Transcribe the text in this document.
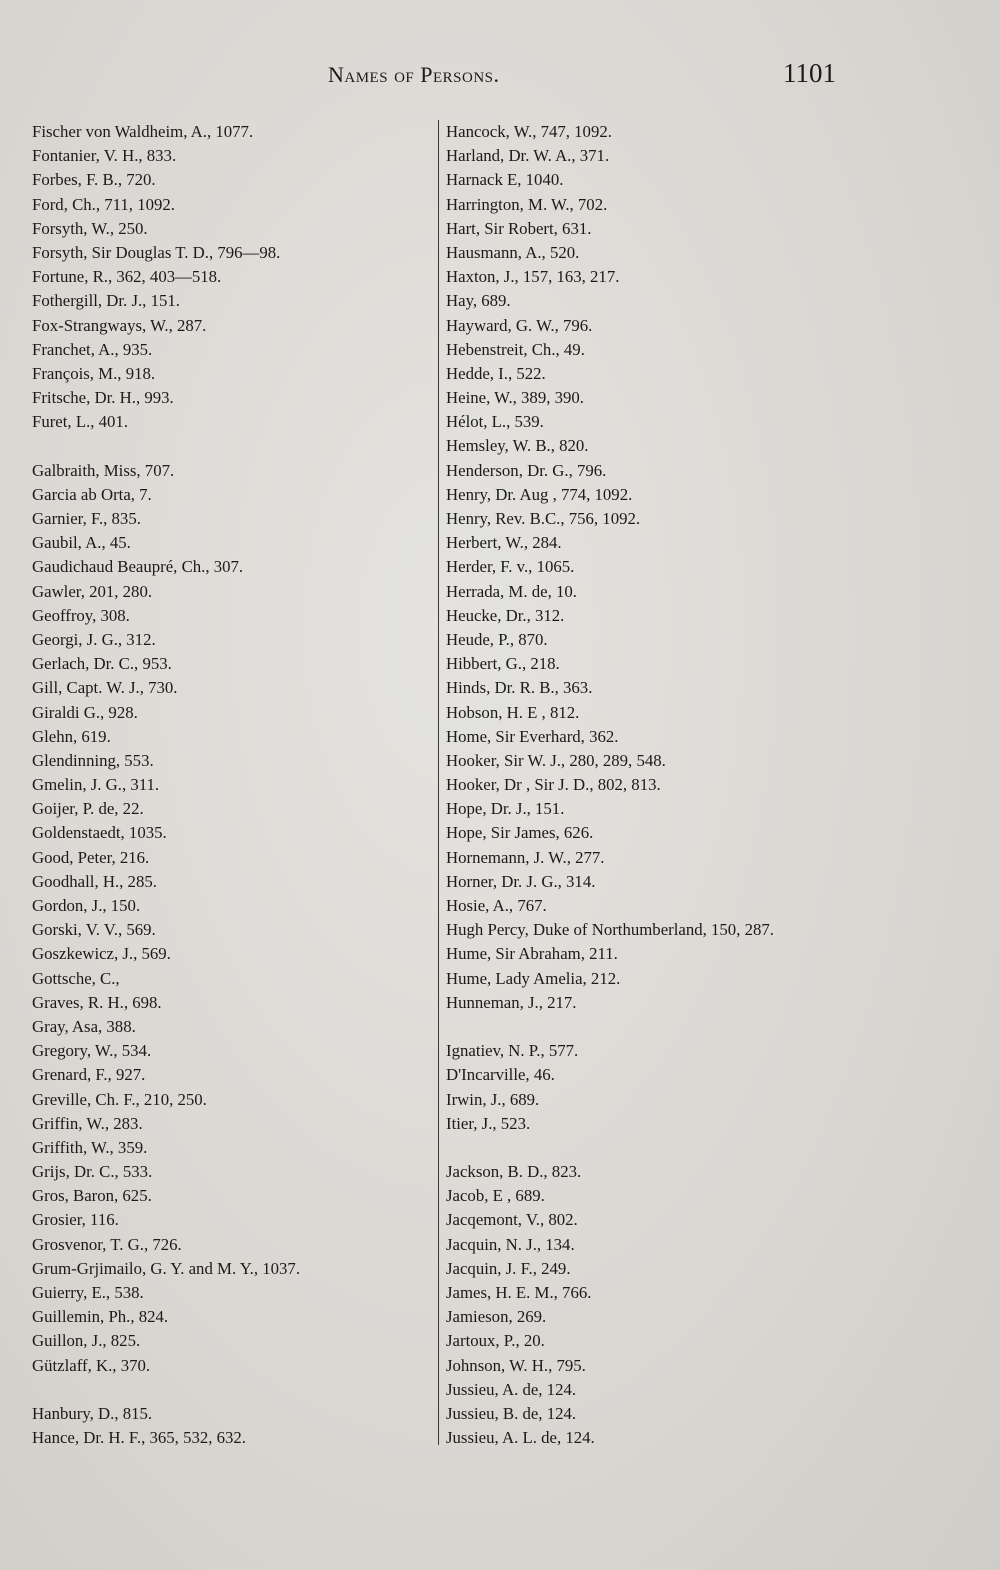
Names of Persons.	1101
Fischer von Waldheim, A., 1077.
Fontanier, V. H., 833.
Forbes, F. B., 720.
Ford, Ch., 711, 1092.
Forsyth, W., 250.
Forsyth, Sir Douglas T. D., 796—98.
Fortune, R., 362, 403—518.
Fothergill, Dr. J., 151.
Fox-Strangways, W., 287.
Franchet, A., 935.
François, M., 918.
Fritsche, Dr. H., 993.
Furet, L., 401.
Galbraith, Miss, 707.
Garcia ab Orta, 7.
Garnier, F., 835.
Gaubil, A., 45.
Gaudichaud Beaupré, Ch., 307.
Gawler, 201, 280.
Geoffroy, 308.
Georgi, J. G., 312.
Gerlach, Dr. C., 953.
Gill, Capt. W. J., 730.
Giraldi G., 928.
Glehn, 619.
Glendinning, 553.
Gmelin, J. G., 311.
Goijer, P. de, 22.
Goldenstaedt, 1035.
Good, Peter, 216.
Goodhall, H., 285.
Gordon, J., 150.
Gorski, V. V., 569.
Goszkewicz, J., 569.
Gottsche, C.,
Graves, R. H., 698.
Gray, Asa, 388.
Gregory, W., 534.
Grenard, F., 927.
Greville, Ch. F., 210, 250.
Griffin, W., 283.
Griffith, W., 359.
Grijs, Dr. C., 533.
Gros, Baron, 625.
Grosier, 116.
Grosvenor, T. G., 726.
Grum-Grjimailo, G. Y. and M. Y., 1037.
Guierry, E., 538.
Guillemin, Ph., 824.
Guillon, J., 825.
Gützlaff, K., 370.
Hanbury, D., 815.
Hance, Dr. H. F., 365, 532, 632.
Hancock, W., 747, 1092.
Harland, Dr. W. A., 371.
Harnack E, 1040.
Harrington, M. W., 702.
Hart, Sir Robert, 631.
Hausmann, A., 520.
Haxton, J., 157, 163, 217.
Hay, 689.
Hayward, G. W., 796.
Hebenstreit, Ch., 49.
Hedde, I., 522.
Heine, W., 389, 390.
Hélot, L., 539.
Hemsley, W. B., 820.
Henderson, Dr. G., 796.
Henry, Dr. Aug , 774, 1092.
Henry, Rev. B.C., 756, 1092.
Herbert, W., 284.
Herder, F. v., 1065.
Herrada, M. de, 10.
Heucke, Dr., 312.
Heude, P., 870.
Hibbert, G., 218.
Hinds, Dr. R. B., 363.
Hobson, H. E , 812.
Home, Sir Everhard, 362.
Hooker, Sir W. J., 280, 289, 548.
Hooker, Dr , Sir J. D., 802, 813.
Hope, Dr. J., 151.
Hope, Sir James, 626.
Hornemann, J. W., 277.
Horner, Dr. J. G., 314.
Hosie, A., 767.
Hugh Percy, Duke of Northumberland, 150, 287.
Hume, Sir Abraham, 211.
Hume, Lady Amelia, 212.
Hunneman, J., 217.
Ignatiev, N. P., 577.
D'Incarville, 46.
Irwin, J., 689.
Itier, J., 523.
Jackson, B. D., 823.
Jacob, E , 689.
Jacqemont, V., 802.
Jacquin, N. J., 134.
Jacquin, J. F., 249.
James, H. E. M., 766.
Jamieson, 269.
Jartoux, P., 20.
Johnson, W. H., 795.
Jussieu, A. de, 124.
Jussieu, B. de, 124.
Jussieu, A. L. de, 124.
